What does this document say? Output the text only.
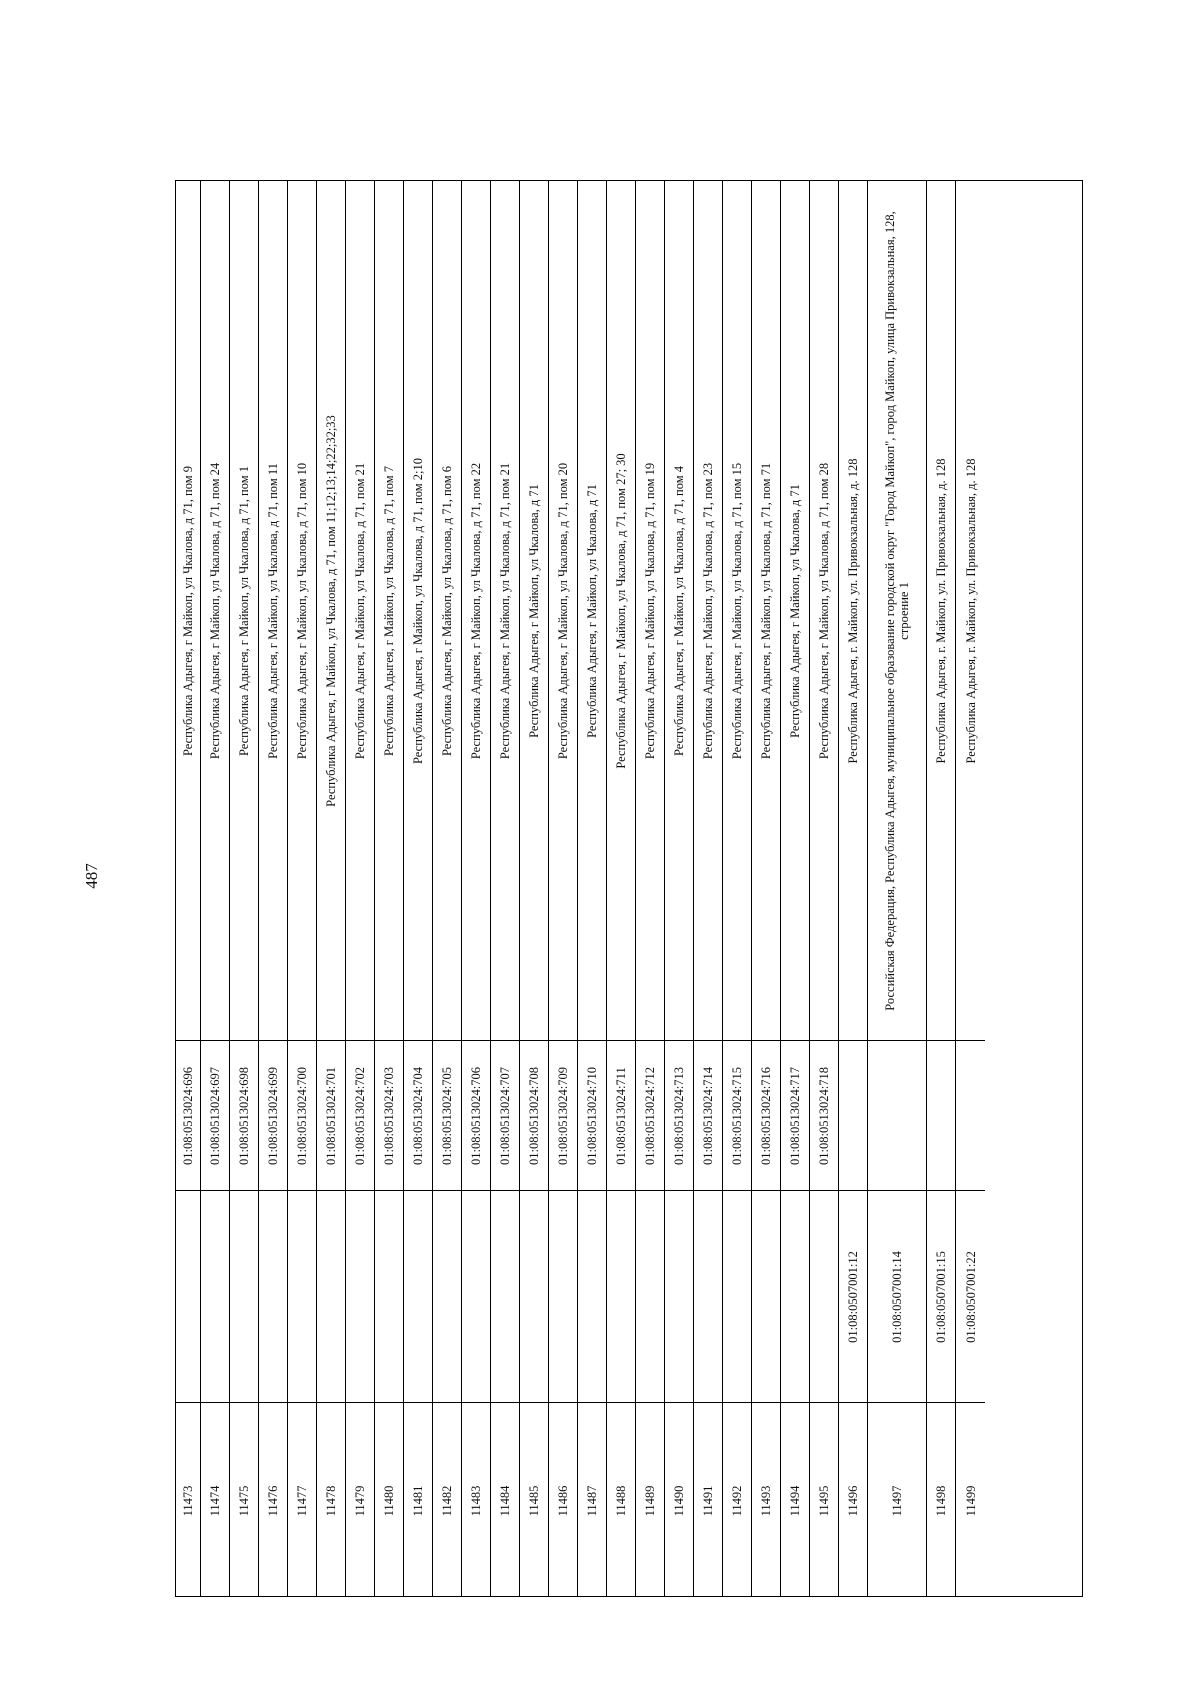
487
Республика Адыгея, г Майкоп, ул Чкалова, д 71, пом 9
01:08:0513024:696
11473
Республика Адыгея, г Майкоп, ул Чкалова, д 71, пом 24
01:08:0513024:697
11474
Республика Адыгея, г Майкоп, ул Чкалова, д 71, пом 1
01:08:0513024:698
11475
Республика Адыгея, г Майкоп, ул Чкалова, д 71, пом 11
01:08:0513024:699
11476
Республика Адыгея, г Майкоп, ул Чкалова, д 71, пом 10
01:08:0513024:700
11477
Республика Адыгея, г Майкоп, ул Чкалова, д 71, пом 11;12;13;14;22;32;33
01:08:0513024:701
11478
Республика Адыгея, г Майкоп, ул Чкалова, д 71, пом 21
01:08:0513024:702
11479
Республика Адыгея, г Майкоп, ул Чкалова, д 71, пом 7
01:08:0513024:703
11480
Республика Адыгея, г Майкоп, ул Чкалова, д 71, пом 2;10
01:08:0513024:704
11481
Республика Адыгея, г Майкоп, ул Чкалова, д 71, пом 6
01:08:0513024:705
11482
Республика Адыгея, г Майкоп, ул Чкалова, д 71, пом 22
01:08:0513024:706
11483
Республика Адыгея, г Майкоп, ул Чкалова, д 71, пом 21
01:08:0513024:707
11484
Республика Адыгея, г Майкоп, ул Чкалова, д 71
01:08:0513024:708
11485
Республика Адыгея, г Майкоп, ул Чкалова, д 71, пом 20
01:08:0513024:709
11486
Республика Адыгея, г Майкоп, ул Чкалова, д 71
01:08:0513024:710
11487
Республика Адыгея, г Майкоп, ул Чкалова, д 71, пом 27; 30
01:08:0513024:711
11488
Республика Адыгея, г Майкоп, ул Чкалова, д 71, пом 19
01:08:0513024:712
11489
Республика Адыгея, г Майкоп, ул Чкалова, д 71, пом 4
01:08:0513024:713
11490
Республика Адыгея, г Майкоп, ул Чкалова, д 71, пом 23
01:08:0513024:714
11491
Республика Адыгея, г Майкоп, ул Чкалова, д 71, пом 15
01:08:0513024:715
11492
Республика Адыгея, г Майкоп, ул Чкалова, д 71, пом 71
01:08:0513024:716
11493
Республика Адыгея, г Майкоп, ул Чкалова, д 71
01:08:0513024:717
11494
Республика Адыгея, г Майкоп, ул Чкалова, д 71, пом 28
01:08:0513024:718
11495
Республика Адыгея, г. Майкоп, ул. Привокзальная, д. 128
01:08:0507001:12
11496
Российская Федерация, Республика Адыгея, муниципальное образование городской округ "Город Майкоп", город Майкоп, улица Привокзальная, 128, строение 1
01:08:0507001:14
11497
Республика Адыгея, г. Майкоп, ул. Привокзальная, д. 128
01:08:0507001:15
11498
Республика Адыгея, г. Майкоп, ул. Привокзальная, д. 128
01:08:0507001:22
11499
